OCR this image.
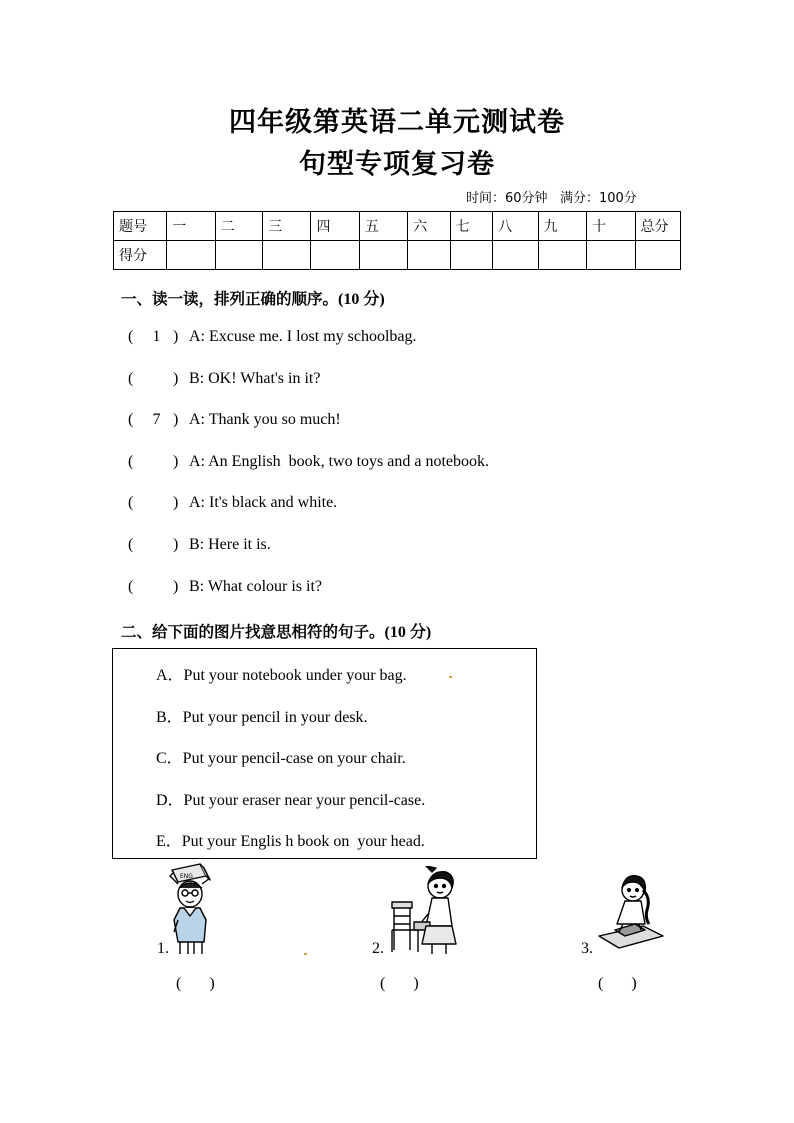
四年级第英语二单元测试卷
句型专项复习卷
时间：60分钟   满分：100分
题号	一	二	三	四	五	六	七	八	九	十	总分
得分											
一、读一读，排列正确的顺序。(10 分)
( 1 ) A: Excuse me. I lost my schoolbag.
( ) B: OK! What's in it?
( 7 ) A: Thank you so much!
( ) A: An English  book, two toys and a notebook.
( ) A: It's black and white.
( ) B: Here it is.
( ) B: What colour is it?
二、给下面的图片找意思相符的句子。(10 分)
A．Put your notebook under your bag.
B．Put your pencil in your desk.
C．Put your pencil-case on your chair.
D．Put your eraser near your pencil-case.
E．Put your Englis h book on  your head.
ENG
1.
(       )
2.
(       )
3.
(       )
